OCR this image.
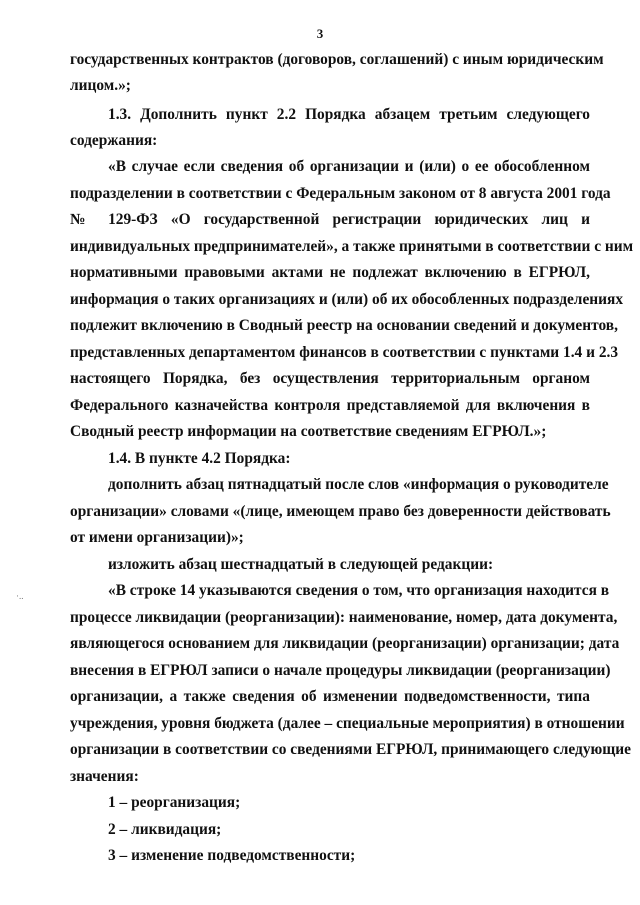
3
государственных контрактов (договоров, соглашений) с иным юридическим
лицом.»;
1.3. Дополнить пункт 2.2 Порядка абзацем третьим следующего
содержания:
«В случае если сведения об организации и (или) о ее обособленном
подразделении в соответствии с Федеральным законом от 8 августа 2001 года
№ 129-ФЗ «О государственной регистрации юридических лиц и
индивидуальных предпринимателей», а также принятыми в соответствии с ним
нормативными правовыми актами не подлежат включению в ЕГРЮЛ,
информация о таких организациях и (или) об их обособленных подразделениях
подлежит включению в Сводный реестр на основании сведений и документов,
представленных департаментом финансов в соответствии с пунктами 1.4 и 2.3
настоящего Порядка, без осуществления территориальным органом
Федерального казначейства контроля представляемой для включения в
Сводный реестр информации на соответствие сведениям ЕГРЮЛ.»;
1.4. В пункте 4.2 Порядка:
дополнить абзац пятнадцатый после слов «информация о руководителе
организации» словами «(лице, имеющем право без доверенности действовать
от имени организации)»;
изложить абзац шестнадцатый в следующей редакции:
«В строке 14 указываются сведения о том, что организация находится в
процессе ликвидации (реорганизации): наименование, номер, дата документа,
являющегося основанием для ликвидации (реорганизации) организации; дата
внесения в ЕГРЮЛ записи о начале процедуры ликвидации (реорганизации)
организации, а также сведения об изменении подведомственности, типа
учреждения, уровня бюджета (далее – специальные мероприятия) в отношении
организации в соответствии со сведениями ЕГРЮЛ, принимающего следующие
значения:
1 – реорганизация;
2 – ликвидация;
3 – изменение подведомственности;
·..
